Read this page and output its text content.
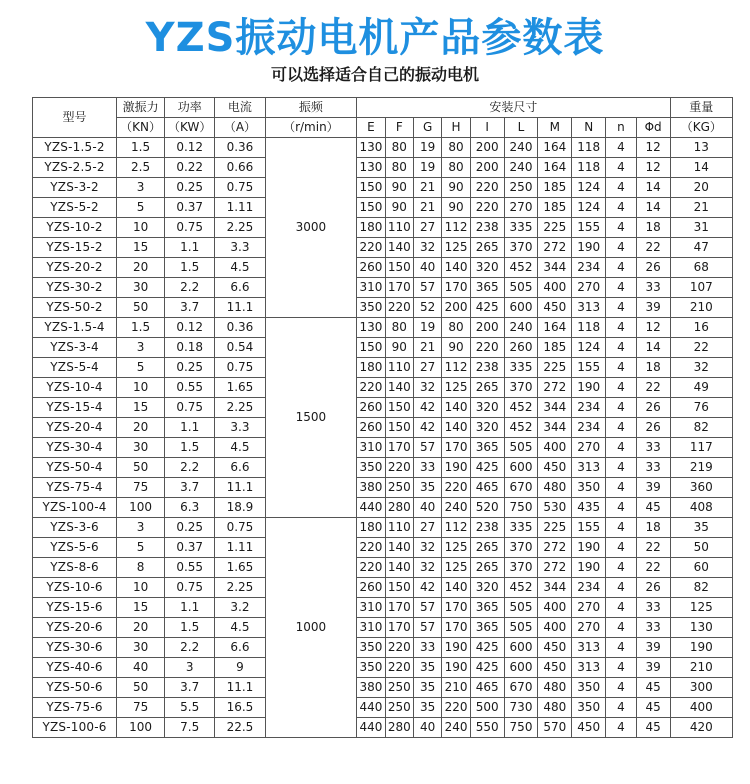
YZS振动电机产品参数表
可以选择适合自己的振动电机
型号	激振力	功率	电流	振频	安装尺寸										重量
	（KN）	（KW）	（A）	（r/min）	E	F	G	H	I	L	M	N	n	Φd	（KG）
YZS-1.5-2	1.5	0.12	0.36	3000	130	80	19	80	200	240	164	118	4	12	13
YZS-2.5-2	2.5	0.22	0.66		130	80	19	80	200	240	164	118	4	12	14
YZS-3-2	3	0.25	0.75		150	90	21	90	220	250	185	124	4	14	20
YZS-5-2	5	0.37	1.11		150	90	21	90	220	270	185	124	4	14	21
YZS-10-2	10	0.75	2.25		180	110	27	112	238	335	225	155	4	18	31
YZS-15-2	15	1.1	3.3		220	140	32	125	265	370	272	190	4	22	47
YZS-20-2	20	1.5	4.5		260	150	40	140	320	452	344	234	4	26	68
YZS-30-2	30	2.2	6.6		310	170	57	170	365	505	400	270	4	33	107
YZS-50-2	50	3.7	11.1		350	220	52	200	425	600	450	313	4	39	210
YZS-1.5-4	1.5	0.12	0.36	1500	130	80	19	80	200	240	164	118	4	12	16
YZS-3-4	3	0.18	0.54		150	90	21	90	220	260	185	124	4	14	22
YZS-5-4	5	0.25	0.75		180	110	27	112	238	335	225	155	4	18	32
YZS-10-4	10	0.55	1.65		220	140	32	125	265	370	272	190	4	22	49
YZS-15-4	15	0.75	2.25		260	150	42	140	320	452	344	234	4	26	76
YZS-20-4	20	1.1	3.3		260	150	42	140	320	452	344	234	4	26	82
YZS-30-4	30	1.5	4.5		310	170	57	170	365	505	400	270	4	33	117
YZS-50-4	50	2.2	6.6		350	220	33	190	425	600	450	313	4	33	219
YZS-75-4	75	3.7	11.1		380	250	35	220	465	670	480	350	4	39	360
YZS-100-4	100	6.3	18.9		440	280	40	240	520	750	530	435	4	45	408
YZS-3-6	3	0.25	0.75	1000	180	110	27	112	238	335	225	155	4	18	35
YZS-5-6	5	0.37	1.11		220	140	32	125	265	370	272	190	4	22	50
YZS-8-6	8	0.55	1.65		220	140	32	125	265	370	272	190	4	22	60
YZS-10-6	10	0.75	2.25		260	150	42	140	320	452	344	234	4	26	82
YZS-15-6	15	1.1	3.2		310	170	57	170	365	505	400	270	4	33	125
YZS-20-6	20	1.5	4.5		310	170	57	170	365	505	400	270	4	33	130
YZS-30-6	30	2.2	6.6		350	220	33	190	425	600	450	313	4	39	190
YZS-40-6	40	3	9		350	220	35	190	425	600	450	313	4	39	210
YZS-50-6	50	3.7	11.1		380	250	35	210	465	670	480	350	4	45	300
YZS-75-6	75	5.5	16.5		440	250	35	220	500	730	480	350	4	45	400
YZS-100-6	100	7.5	22.5		440	280	40	240	550	750	570	450	4	45	420
